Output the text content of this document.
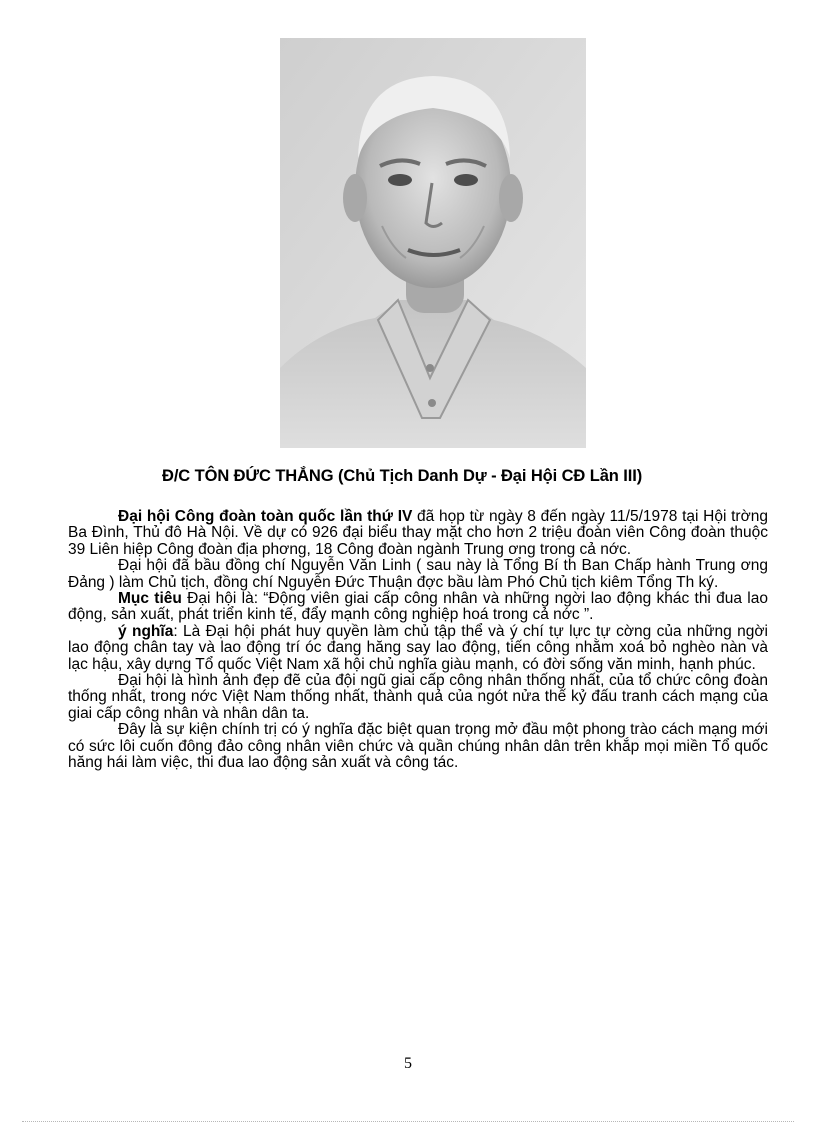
Đ/C TÔN ĐỨC THẮNG (Chủ Tịch Danh Dự - Đại Hội CĐ Lần III)

Đại hội Công đoàn toàn quốc lần thứ IV đã họp từ ngày 8 đến ngày 11/5/1978 tại Hội trờng Ba Đình, Thủ đô Hà Nội. Về dự có 926 đại biểu thay mặt cho hơn 2 triệu đoàn viên Công đoàn thuộc 39 Liên hiệp Công đoàn địa phơng, 18 Công đoàn ngành Trung ơng trong cả nớc.

Đại hội đã bầu đồng chí Nguyễn Văn Linh ( sau này là Tổng Bí th Ban Chấp hành Trung ơng Đảng ) làm Chủ tịch, đồng chí Nguyễn Đức Thuận đợc bầu làm Phó Chủ tịch kiêm Tổng Th ký.

Mục tiêu Đại hội là: “Động viên giai cấp công nhân và những ngời lao động khác thi đua lao động, sản xuất, phát triển kinh tế, đẩy mạnh công nghiệp hoá trong cả nớc ”.

ý nghĩa: Là Đại hội phát huy quyền làm chủ tập thể và ý chí tự lực tự cờng của những ngời lao động chân tay và lao động trí óc đang hăng say lao động, tiến công nhằm xoá bỏ nghèo nàn và lạc hậu, xây dựng Tổ quốc Việt Nam xã hội chủ nghĩa giàu mạnh, có đời sống văn minh, hạnh phúc.

Đại hội là hình ảnh đẹp đẽ của đội ngũ giai cấp công nhân thống nhất, của tổ chức công đoàn thống nhất, trong nớc Việt Nam thống nhất, thành quả của ngót nửa thế kỷ đấu tranh cách mạng của giai cấp công nhân và nhân dân ta.

Đây là sự kiện chính trị có ý nghĩa đặc biệt quan trọng mở đầu một phong trào cách mạng mới có sức lôi cuốn đông đảo công nhân viên chức và quần chúng nhân dân trên khắp mọi miền Tổ quốc hăng hái làm việc, thi đua lao động sản xuất và công tác.

5
